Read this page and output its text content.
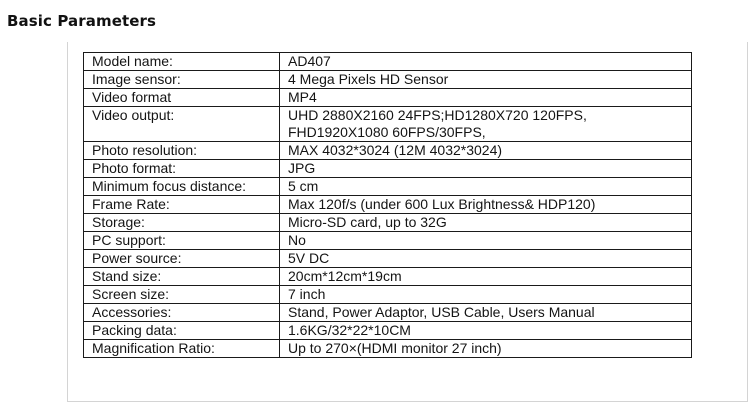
Basic Parameters
Model name:	AD407

Image sensor:	4 Mega Pixels HD Sensor

Video format	MP4

Video output:	UHD 2880X2160 24FPS;HD1280X720 120FPS,
FHD1920X1080 60FPS/30FPS,

Photo resolution:	MAX 4032*3024 (12M 4032*3024)

Photo format:	JPG

Minimum focus distance:	5 cm

Frame Rate:	Max 120f/s (under 600 Lux Brightness& HDP120)

Storage:	Micro-SD card, up to 32G

PC support:	No

Power source:	5V DC

Stand size:	20cm*12cm*19cm

Screen size:	7 inch

Accessories:	Stand, Power Adaptor, USB Cable, Users Manual

Packing data:	1.6KG/32*22*10CM

Magnification Ratio:	Up to 270×(HDMI monitor 27 inch)
